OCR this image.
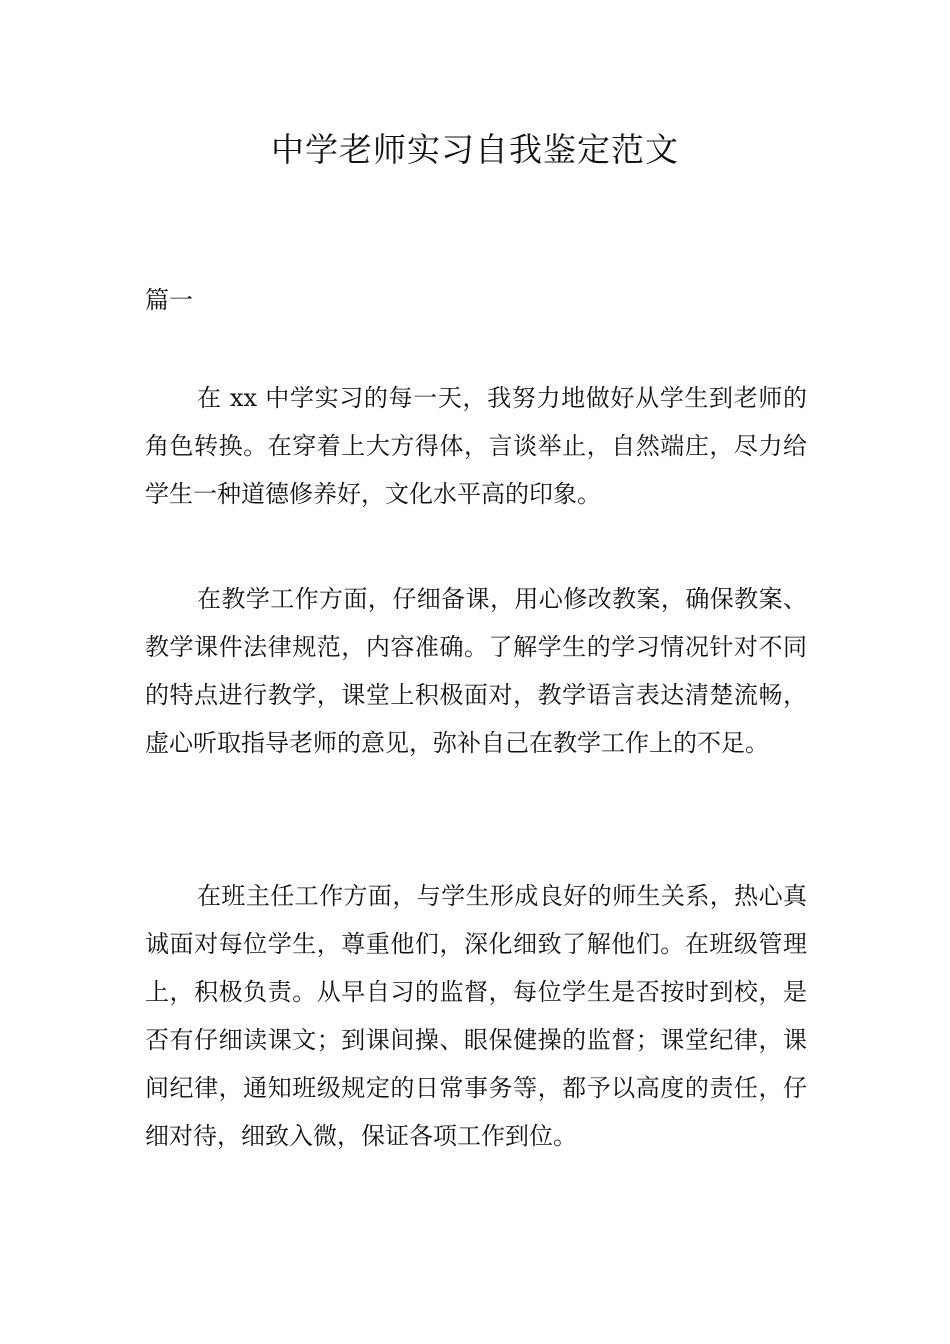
中学老师实习自我鉴定范文

篇一

在 xx 中学实习的每一天，我努力地做好从学生到老师的角色转换。在穿着上大方得体，言谈举止，自然端庄，尽力给学生一种道德修养好，文化水平高的印象。

在教学工作方面，仔细备课，用心修改教案，确保教案、教学课件法律规范，内容准确。了解学生的学习情况针对不同的特点进行教学，课堂上积极面对，教学语言表达清楚流畅，虚心听取指导老师的意见，弥补自己在教学工作上的不足。

在班主任工作方面，与学生形成良好的师生关系，热心真诚面对每位学生，尊重他们，深化细致了解他们。在班级管理上，积极负责。从早自习的监督，每位学生是否按时到校，是否有仔细读课文；到课间操、眼保健操的监督；课堂纪律，课间纪律，通知班级规定的日常事务等，都予以高度的责任，仔细对待，细致入微，保证各项工作到位。
